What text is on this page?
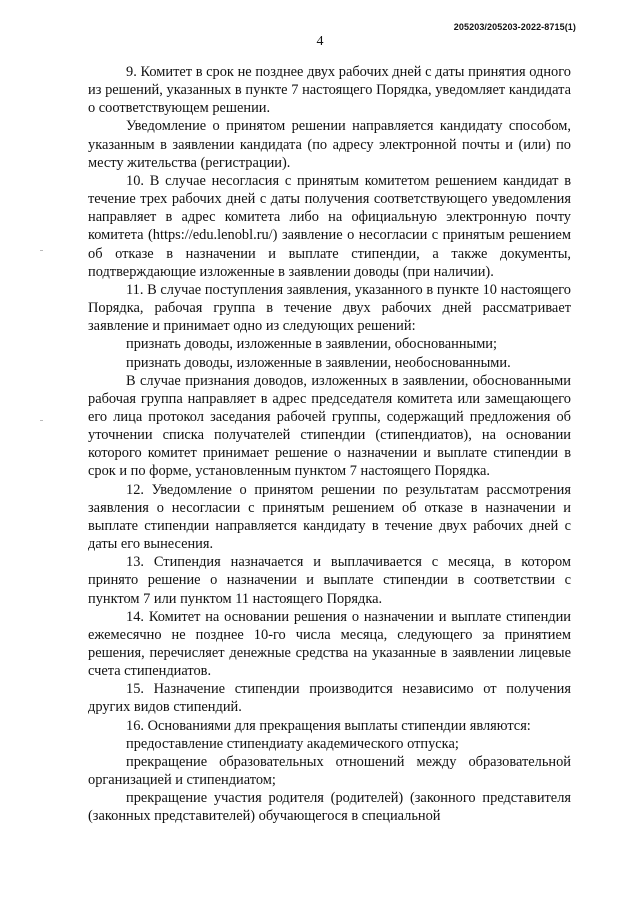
205203/205203-2022-8715(1)
4

9. Комитет в срок не позднее двух рабочих дней с даты принятия одного из решений, указанных в пункте 7 настоящего Порядка, уведомляет кандидата о соответствующем решении.

Уведомление о принятом решении направляется кандидату способом, указанным в заявлении кандидата (по адресу электронной почты и (или) по месту жительства (регистрации).

10. В случае несогласия с принятым комитетом решением кандидат в течение трех рабочих дней с даты получения соответствующего уведомления направляет в адрес комитета либо на официальную электронную почту комитета (https://edu.lenobl.ru/) заявление о несогласии с принятым решением об отказе в назначении и выплате стипендии, а также документы, подтверждающие изложенные в заявлении доводы (при наличии).

11. В случае поступления заявления, указанного в пункте 10 настоящего Порядка, рабочая группа в течение двух рабочих дней рассматривает заявление и принимает одно из следующих решений:

признать доводы, изложенные в заявлении, обоснованными;

признать доводы, изложенные в заявлении, необоснованными.

В случае признания доводов, изложенных в заявлении, обоснованными рабочая группа направляет в адрес председателя комитета или замещающего его лица протокол заседания рабочей группы, содержащий предложения об уточнении списка получателей стипендии (стипендиатов), на основании которого комитет принимает решение о назначении и выплате стипендии в срок и по форме, установленным пунктом 7 настоящего Порядка.

12. Уведомление о принятом решении по результатам рассмотрения заявления о несогласии с принятым решением об отказе в назначении и выплате стипендии направляется кандидату в течение двух рабочих дней с даты его вынесения.

13. Стипендия назначается и выплачивается с месяца, в котором принято решение о назначении и выплате стипендии в соответствии с пунктом 7 или пунктом 11 настоящего Порядка.

14. Комитет на основании решения о назначении и выплате стипендии ежемесячно не позднее 10-го числа месяца, следующего за принятием решения, перечисляет денежные средства на указанные в заявлении лицевые счета стипендиатов.

15. Назначение стипендии производится независимо от получения других видов стипендий.

16. Основаниями для прекращения выплаты стипендии являются:

предоставление стипендиату академического отпуска;

прекращение образовательных отношений между образовательной организацией и стипендиатом;

прекращение участия родителя (родителей) (законного представителя (законных представителей) обучающегося в специальной
